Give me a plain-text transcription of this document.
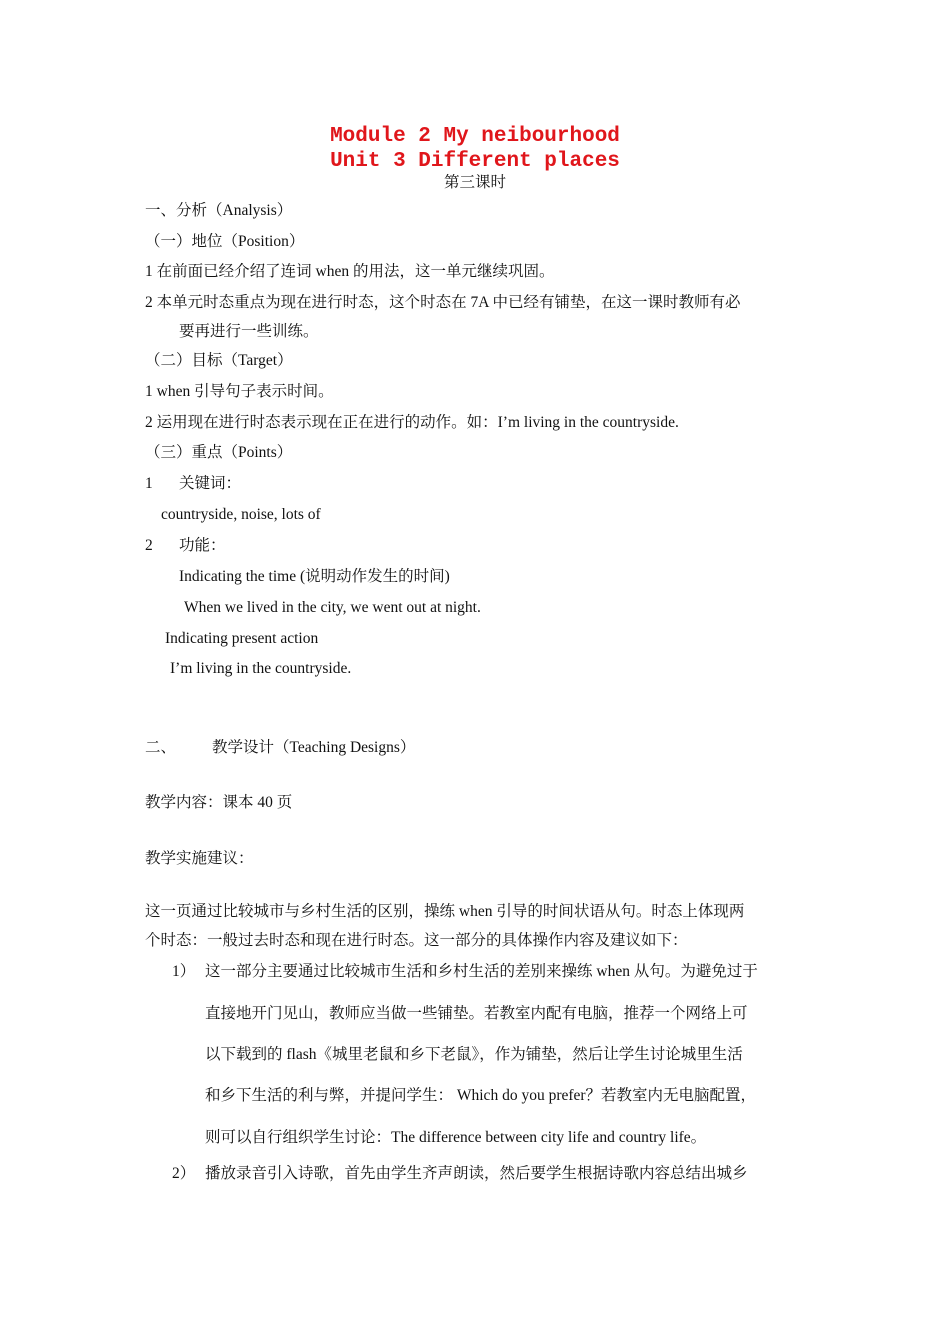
Module 2 My neibourhood
Unit 3 Different places
第三课时
一、分析（Analysis）
（一）地位（Position）
1 在前面已经介绍了连词 when 的用法，这一单元继续巩固。
2 本单元时态重点为现在进行时态，这个时态在 7A 中已经有铺垫，在这一课时教师有必
要再进行一些训练。
（二）目标（Target）
1 when 引导句子表示时间。
2 运用现在进行时态表示现在正在进行的动作。如：I’m living in the countryside.
（三）重点（Points）
1 关键词：
countryside, noise, lots of
2 功能：
Indicating the time (说明动作发生的时间)
When we lived in the city, we went out at night.
Indicating present action
I’m living in the countryside.
二、 教学设计（Teaching Designs）
教学内容：课本 40 页
教学实施建议：
这一页通过比较城市与乡村生活的区别，操练 when 引导的时间状语从句。时态上体现两
个时态：一般过去时态和现在进行时态。这一部分的具体操作内容及建议如下：
1） 这一部分主要通过比较城市生活和乡村生活的差别来操练 when 从句。为避免过于
直接地开门见山，教师应当做一些铺垫。若教室内配有电脑，推荐一个网络上可
以下载到的 flash《城里老鼠和乡下老鼠》，作为铺垫，然后让学生讨论城里生活
和乡下生活的利与弊，并提问学生： Which do you prefer？若教室内无电脑配置，
则可以自行组织学生讨论：The difference between city life and country life。
2） 播放录音引入诗歌，首先由学生齐声朗读，然后要学生根据诗歌内容总结出城乡
